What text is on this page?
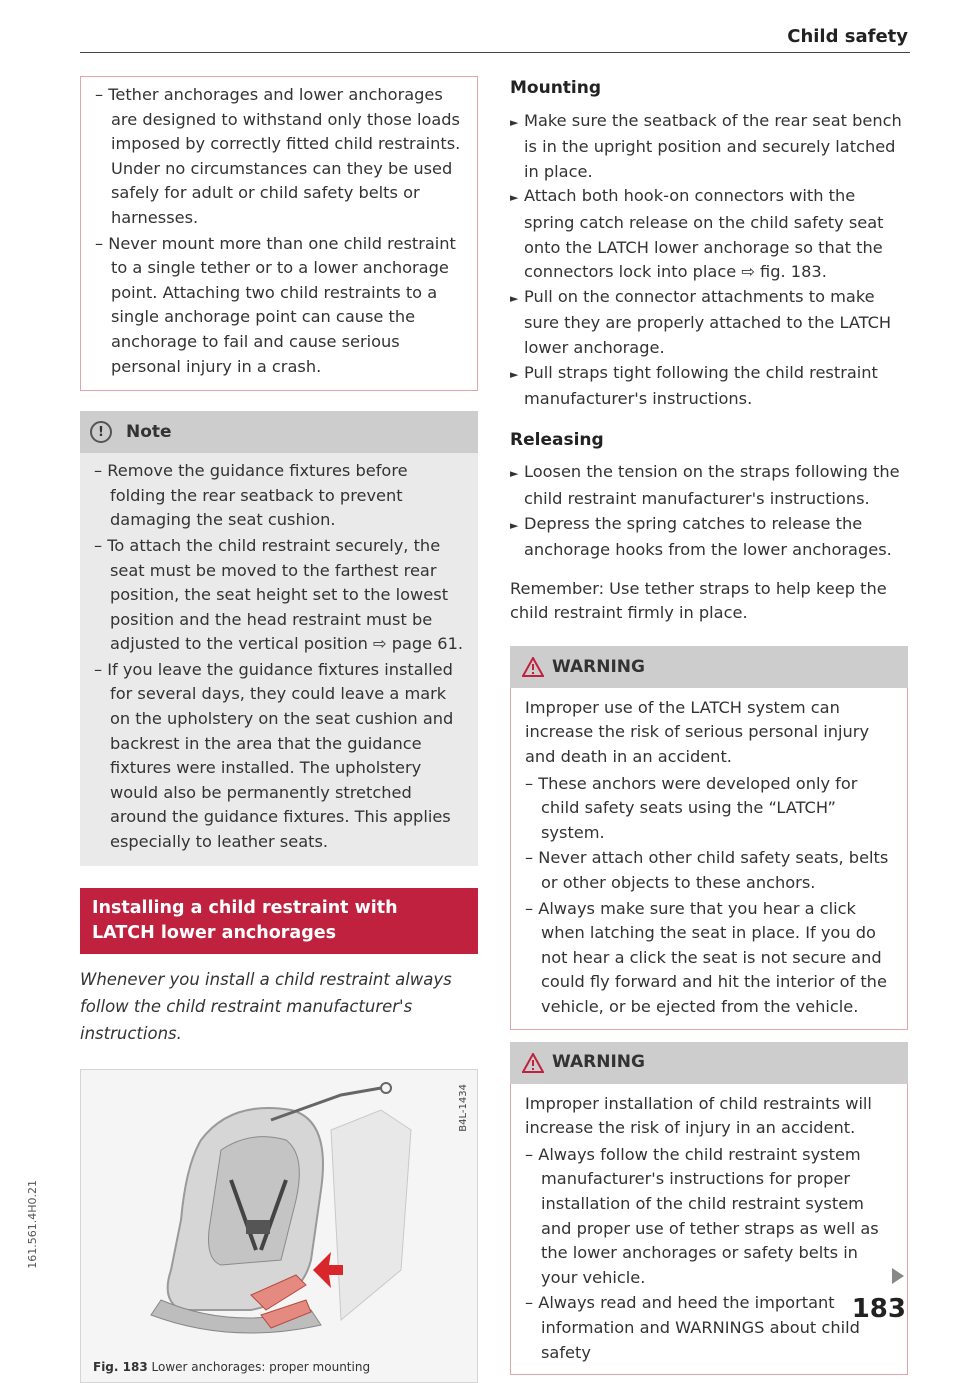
Child safety

– Tether anchorages and lower anchorages are designed to withstand only those loads imposed by correctly fitted child restraints. Under no circumstances can they be used safely for adult or child safety belts or harnesses.

– Never mount more than one child restraint to a single tether or to a lower anchorage point. Attaching two child restraints to a single anchorage point can cause the anchorage to fail and cause serious personal injury in a crash.

!	Note

– Remove the guidance fixtures before folding the rear seatback to prevent damaging the seat cushion.

– To attach the child restraint securely, the seat must be moved to the farthest rear position, the seat height set to the lowest position and the head restraint must be adjusted to the vertical position ⇨ page 61.

– If you leave the guidance fixtures installed for several days, they could leave a mark on the upholstery on the seat cushion and backrest in the area that the guidance fixtures were installed. The upholstery would also be permanently stretched around the guidance fixtures. This applies especially to leather seats.

Installing a child restraint with LATCH lower anchorages
Whenever you install a child restraint always follow the child restraint manufacturer's instructions.
B4L-1434
Fig. 183 Lower anchorages: proper mounting
Mounting

► Make sure the seatback of the rear seat bench is in the upright position and securely latched in place.

► Attach both hook-on connectors with the spring catch release on the child safety seat onto the LATCH lower anchorage so that the connectors lock into place ⇨ fig. 183.

► Pull on the connector attachments to make sure they are properly attached to the LATCH lower anchorage.

► Pull straps tight following the child restraint manufacturer's instructions.

Releasing

► Loosen the tension on the straps following the child restraint manufacturer's instructions.

► Depress the spring catches to release the anchorage hooks from the lower anchorages.

Remember: Use tether straps to help keep the child restraint firmly in place.

WARNING

Improper use of the LATCH system can increase the risk of serious personal injury and death in an accident.

– These anchors were developed only for child safety seats using the “LATCH” system.

– Never attach other child safety seats, belts or other objects to these anchors.

– Always make sure that you hear a click when latching the seat in place. If you do not hear a click the seat is not secure and could fly forward and hit the interior of the vehicle, or be ejected from the vehicle.

WARNING

Improper installation of child restraints will increase the risk of injury in an accident.

– Always follow the child restraint system manufacturer's instructions for proper installation of the child restraint system and proper use of tether straps as well as the lower anchorages or safety belts in your vehicle.

– Always read and heed the important information and WARNINGS about child safety

183
161.561.4H0.21
